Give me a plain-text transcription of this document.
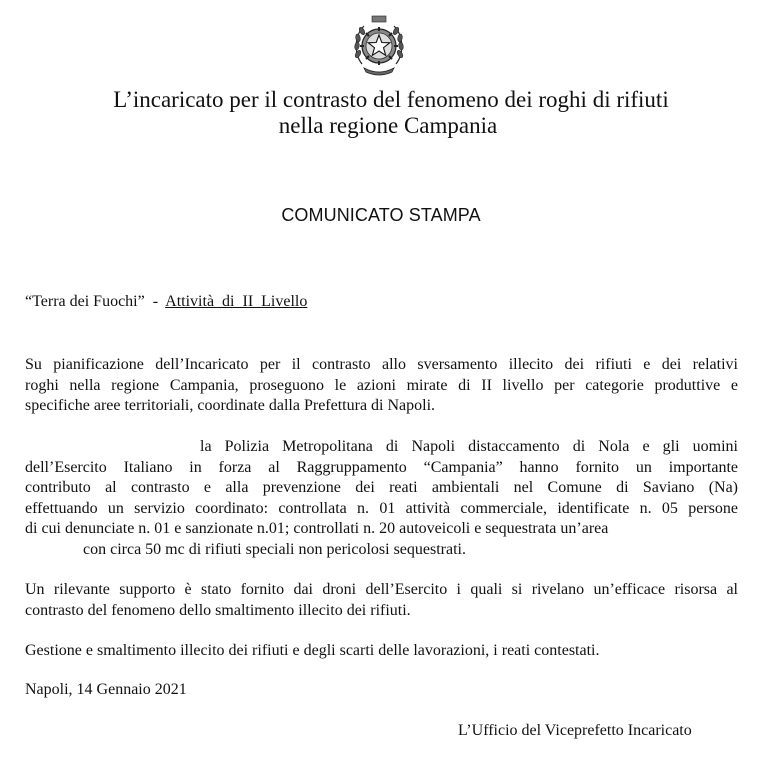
L’incaricato per il contrasto del fenomeno dei roghi di rifiuti
nella regione Campania
COMUNICATO STAMPA
“Terra dei Fuochi”  -  Attività  di  II  Livello
Su pianificazione dell’Incaricato per il contrasto allo sversamento illecito dei rifiuti e dei relativi
roghi nella regione Campania, proseguono le azioni mirate di II livello per categorie produttive e
specifiche aree territoriali, coordinate dalla Prefettura di Napoli.
la Polizia Metropolitana di Napoli distaccamento di Nola e gli uomini
dell’Esercito Italiano in forza al Raggruppamento “Campania” hanno fornito un importante
contributo al contrasto e alla prevenzione dei reati ambientali nel Comune di Saviano (Na)
effettuando un servizio coordinato: controllata n. 01 attività commerciale, identificate n. 05 persone
di cui denunciate n. 01 e sanzionate n.01; controllati n. 20 autoveicoli e sequestrata un’area
con circa 50 mc di rifiuti speciali non pericolosi sequestrati.
Un rilevante supporto è stato fornito dai droni dell’Esercito i quali si rivelano un’efficace risorsa al
contrasto del fenomeno dello smaltimento illecito dei rifiuti.
Gestione e smaltimento illecito dei rifiuti e degli scarti delle lavorazioni, i reati contestati.
Napoli, 14 Gennaio 2021
L’Ufficio del Viceprefetto Incaricato
